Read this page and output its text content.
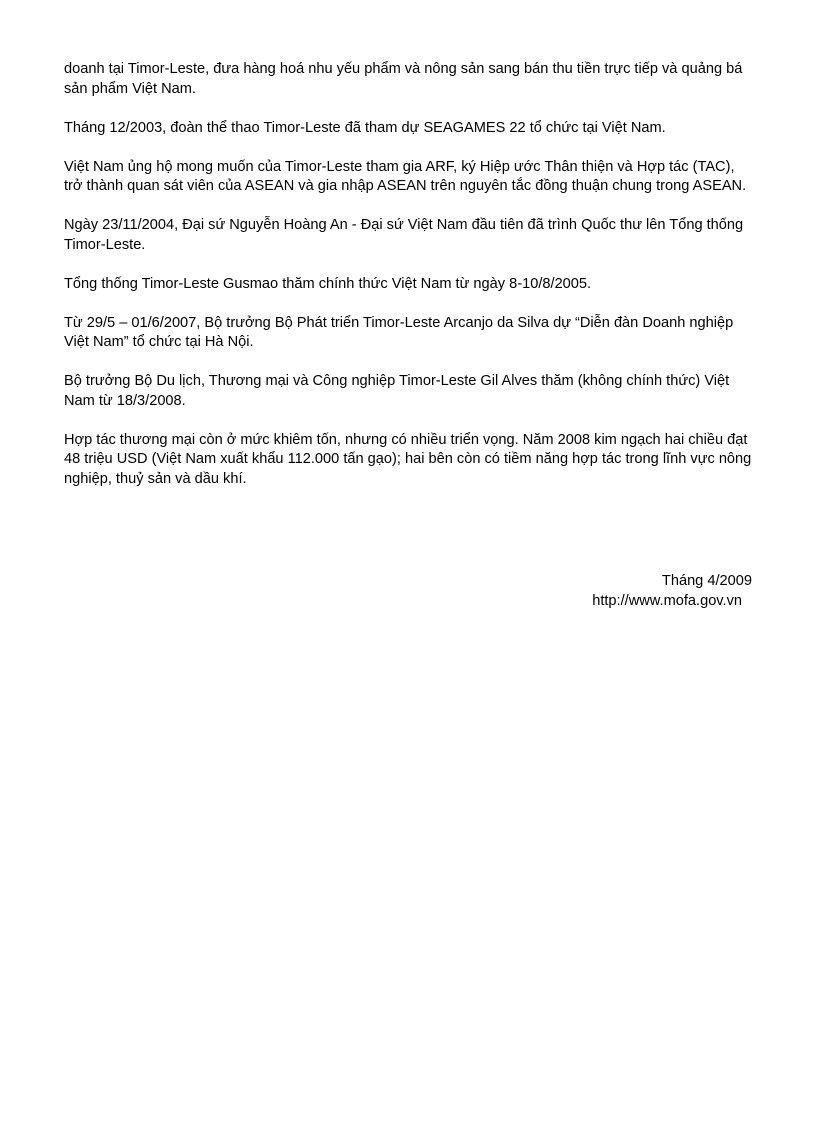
doanh tại Timor-Leste, đưa hàng hoá nhu yếu phẩm và nông sản sang bán thu tiền trực tiếp và quảng bá sản phẩm Việt Nam.

Tháng 12/2003, đoàn thể thao Timor-Leste đã tham dự SEAGAMES 22 tổ chức tại Việt Nam.

Việt Nam ủng hộ mong muốn của Timor-Leste tham gia ARF, ký Hiệp ước Thân thiện và Hợp tác (TAC), trở thành quan sát viên của ASEAN và gia nhập ASEAN trên nguyên tắc đồng thuận chung trong ASEAN.

Ngày 23/11/2004, Đại sứ Nguyễn Hoàng An - Đại sứ Việt Nam đầu tiên đã trình Quốc thư lên Tổng thống Timor-Leste.

Tổng thống Timor-Leste Gusmao thăm chính thức Việt Nam từ ngày 8-10/8/2005.

Từ 29/5 – 01/6/2007, Bộ trưởng Bộ Phát triển Timor-Leste Arcanjo da Silva dự “Diễn đàn Doanh nghiệp Việt Nam” tổ chức tại Hà Nội.

Bộ trưởng Bộ Du lịch, Thương mại và Công nghiệp Timor-Leste Gil Alves thăm (không chính thức) Việt Nam từ 18/3/2008.

Hợp tác thương mại còn ở mức khiêm tốn, nhưng có nhiều triển vọng. Năm 2008 kim ngạch hai chiều đạt 48 triệu USD (Việt Nam xuất khẩu 112.000 tấn gạo); hai bên còn có tiềm năng hợp tác trong lĩnh vực nông nghiệp, thuỷ sản và dầu khí.

Tháng 4/2009
http://www.mofa.gov.vn
